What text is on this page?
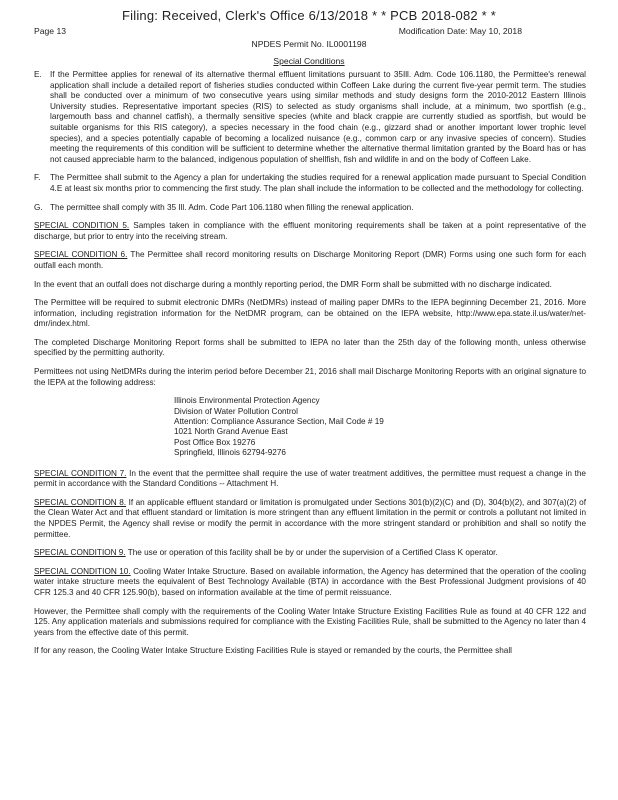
Filing: Received, Clerk's Office 6/13/2018 * * PCB 2018-082 * *
Page 13	Modification Date: May 10, 2018
NPDES Permit No. IL0001198
Special Conditions
E.	If the Permittee applies for renewal of its alternative thermal effluent limitations pursuant to 35Ill. Adm. Code 106.1180, the Permittee's renewal application shall include a detailed report of fisheries studies conducted within Coffeen Lake during the current five-year permit term. The studies shall be conducted over a minimum of two consecutive years using similar methods and study designs form the 2010-2012 Eastern Illinois University studies. Representative important species (RIS) to selected as study organisms shall include, at a minimum, two sportfish (e.g., largemouth bass and channel catfish), a thermally sensitive species (white and black crappie are currently studied as sportfish, but would be suitable organisms for this RIS category), a species necessary in the food chain (e.g., gizzard shad or another important lower trophic level species), and a species potentially capable of becoming a localized nuisance (e.g., common carp or any invasive species of concern). Studies meeting the requirements of this condition will be sufficient to determine whether the alternative thermal limitation granted by the Board has or has not caused appreciable harm to the balanced, indigenous population of shellfish, fish and wildlife in and on the body of Coffeen Lake.
F.	The Permittee shall submit to the Agency a plan for undertaking the studies required for a renewal application made pursuant to Special Condition 4.E at least six months prior to commencing the first study. The plan shall include the information to be collected and the methodology for collecting.
G. The permittee shall comply with 35 Ill. Adm. Code Part 106.1180 when filling the renewal application.

SPECIAL CONDITION 5. Samples taken in compliance with the effluent monitoring requirements shall be taken at a point representative of the discharge, but prior to entry into the receiving stream.

SPECIAL CONDITION 6. The Permittee shall record monitoring results on Discharge Monitoring Report (DMR) Forms using one such form for each outfall each month.

In the event that an outfall does not discharge during a monthly reporting period, the DMR Form shall be submitted with no discharge indicated.

The Permittee will be required to submit electronic DMRs (NetDMRs) instead of mailing paper DMRs to the IEPA beginning December 21, 2016. More information, including registration information for the NetDMR program, can be obtained on the IEPA website, http://www.epa.state.il.us/water/net-dmr/index.html.

The completed Discharge Monitoring Report forms shall be submitted to IEPA no later than the 25th day of the following month, unless otherwise specified by the permitting authority.

Permittees not using NetDMRs during the interim period before December 21, 2016 shall mail Discharge Monitoring Reports with an original signature to the IEPA at the following address:

Illinois Environmental Protection Agency
Division of Water Pollution Control
Attention: Compliance Assurance Section, Mail Code # 19
1021 North Grand Avenue East
Post Office Box 19276
Springfield, Illinois 62794-9276

SPECIAL CONDITION 7. In the event that the permittee shall require the use of water treatment additives, the permittee must request a change in the permit in accordance with the Standard Conditions -- Attachment H.

SPECIAL CONDITION 8. If an applicable effluent standard or limitation is promulgated under Sections 301(b)(2)(C) and (D), 304(b)(2), and 307(a)(2) of the Clean Water Act and that effluent standard or limitation is more stringent than any effluent limitation in the permit or controls a pollutant not limited in the NPDES Permit, the Agency shall revise or modify the permit in accordance with the more stringent standard or prohibition and shall so notify the permittee.

SPECIAL CONDITION 9. The use or operation of this facility shall be by or under the supervision of a Certified Class K operator.

SPECIAL CONDITION 10. Cooling Water Intake Structure. Based on available information, the Agency has determined that the operation of the cooling water intake structure meets the equivalent of Best Technology Available (BTA) in accordance with the Best Professional Judgment provisions of 40 CFR 125.3 and 40 CFR 125.90(b), based on information available at the time of permit reissuance.

However, the Permittee shall comply with the requirements of the Cooling Water Intake Structure Existing Facilities Rule as found at 40 CFR 122 and 125. Any application materials and submissions required for compliance with the Existing Facilities Rule, shall be submitted to the Agency no later than 4 years from the effective date of this permit.

If for any reason, the Cooling Water Intake Structure Existing Facilities Rule is stayed or remanded by the courts, the Permittee shall
